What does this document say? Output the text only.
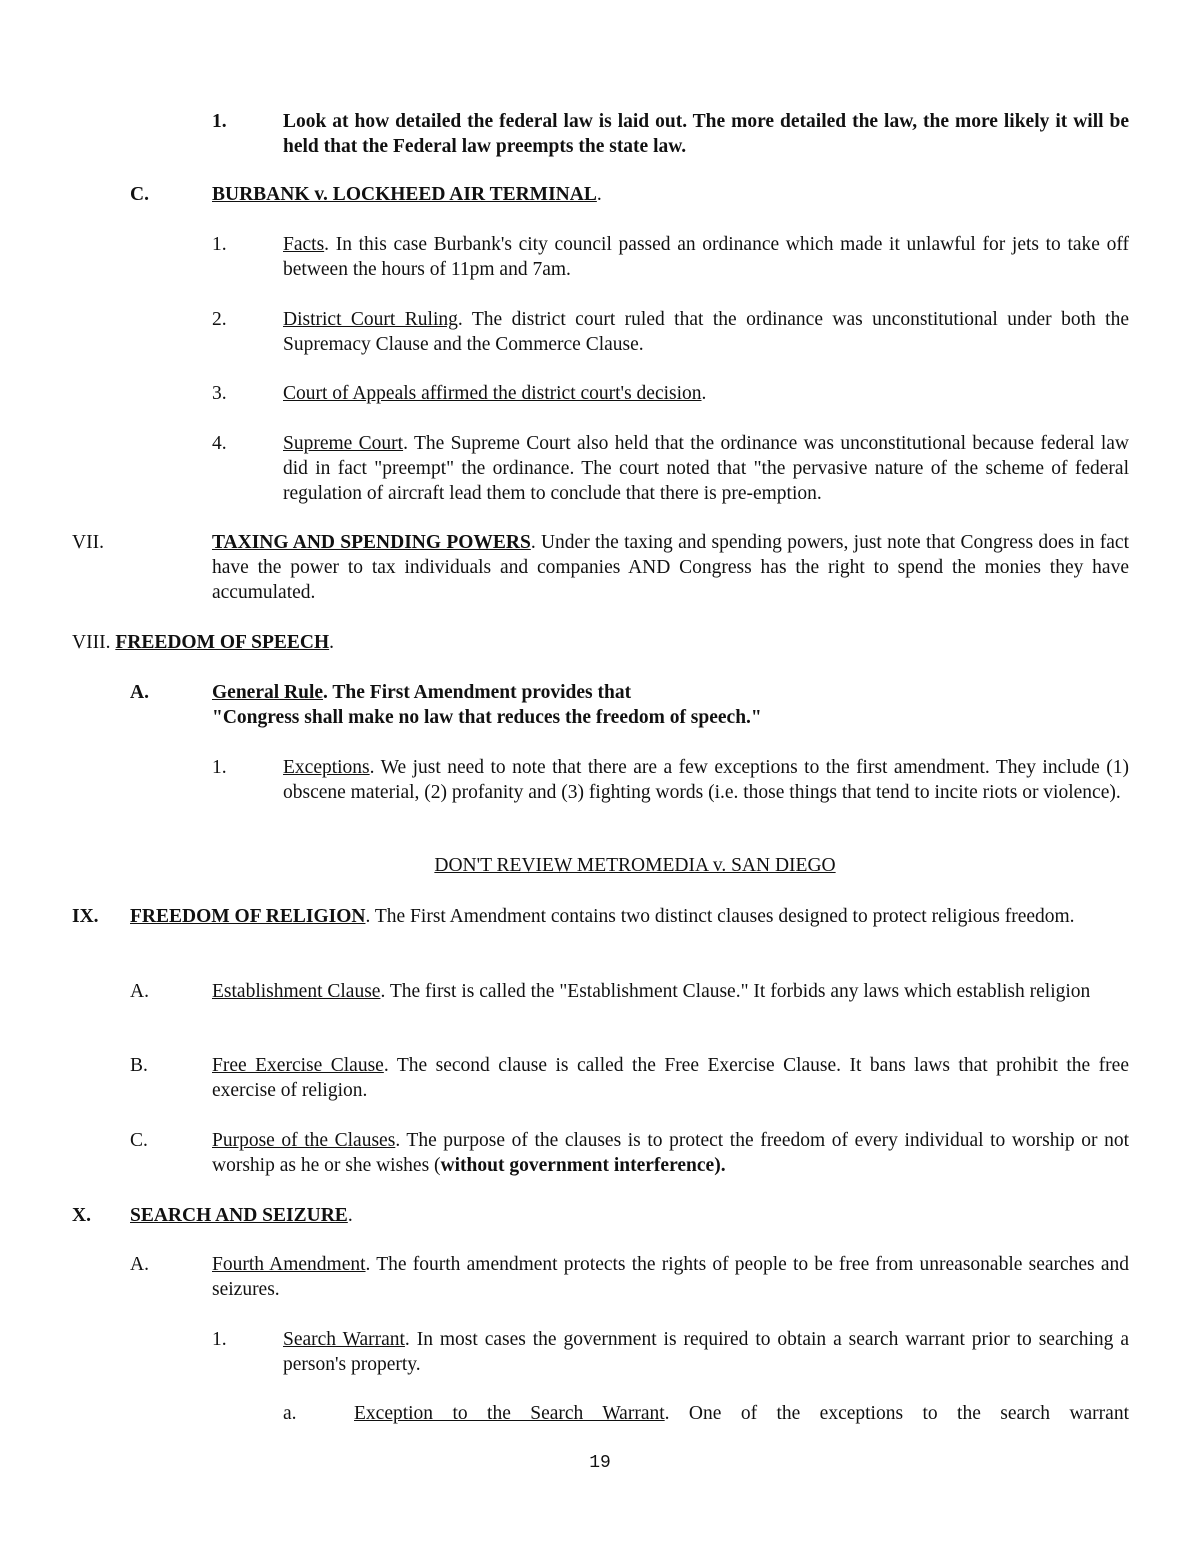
1.	Look at how detailed the federal law is laid out. The more detailed the law, the more likely it will be held that the Federal law preempts the state law.
C.	BURBANK v. LOCKHEED AIR TERMINAL.
1.	Facts. In this case Burbank's city council passed an ordinance which made it unlawful for jets to take off between the hours of 11pm and 7am.
2.	District Court Ruling. The district court ruled that the ordinance was unconstitutional under both the Supremacy Clause and the Commerce Clause.
3.	Court of Appeals affirmed the district court's decision.
4.	Supreme Court. The Supreme Court also held that the ordinance was unconstitutional because federal law did in fact "preempt" the ordinance. The court noted that "the pervasive nature of the scheme of federal regulation of aircraft lead them to conclude that there is pre-emption.
VII.	TAXING AND SPENDING POWERS. Under the taxing and spending powers, just note that Congress does in fact have the power to tax individuals and companies AND Congress has the right to spend the monies they have accumulated.
VIII. FREEDOM OF SPEECH.
A.	General Rule. The First Amendment provides that
"Congress shall make no law that reduces the freedom of speech."
1.	Exceptions. We just need to note that there are a few exceptions to the first amendment. They include (1) obscene material, (2) profanity and (3) fighting words (i.e. those things that tend to incite riots or violence).
DON'T REVIEW METROMEDIA v. SAN DIEGO
IX. FREEDOM OF RELIGION. The First Amendment contains two distinct clauses designed to protect religious freedom.
A.	Establishment Clause. The first is called the "Establishment Clause." It forbids any laws which establish religion
B.	Free Exercise Clause. The second clause is called the Free Exercise Clause. It bans laws that prohibit the free exercise of religion.
C.	Purpose of the Clauses. The purpose of the clauses is to protect the freedom of every individual to worship or not worship as he or she wishes (without government interference).
X. SEARCH AND SEIZURE.
A.	Fourth Amendment. The fourth amendment protects the rights of people to be free from unreasonable searches and seizures.
1.	Search Warrant. In most cases the government is required to obtain a search warrant prior to searching a person's property.
a.	Exception to the Search Warrant. One of the exceptions to the search warrant
19
